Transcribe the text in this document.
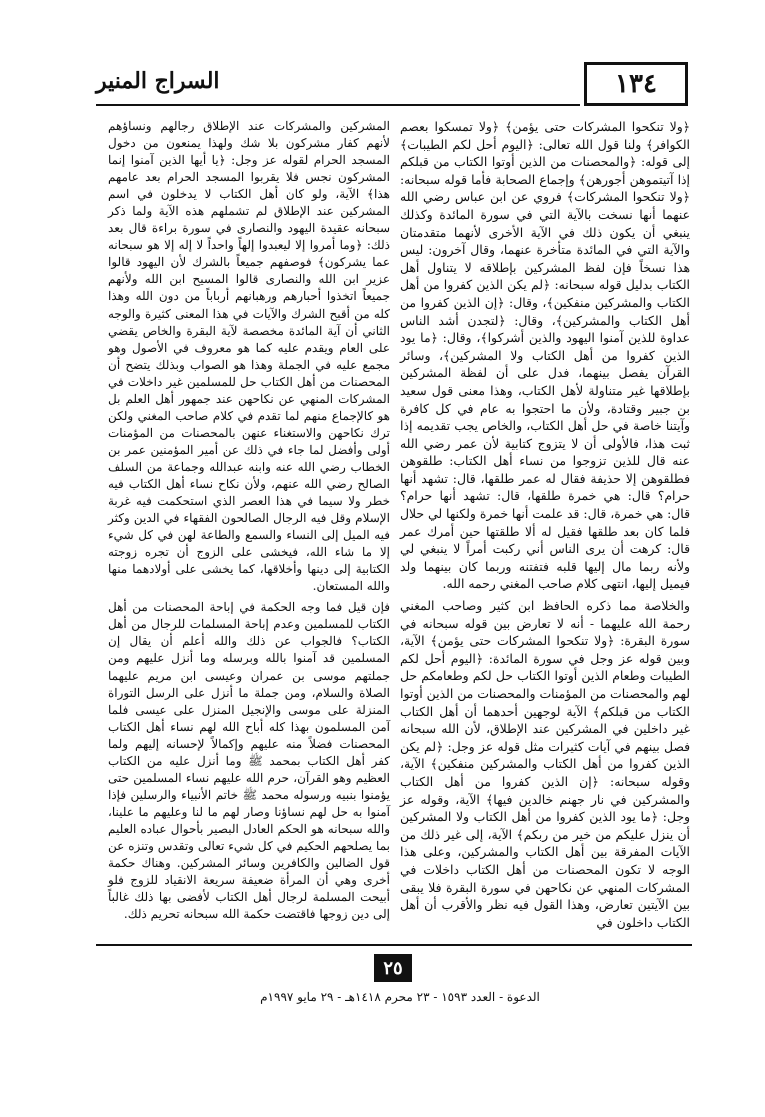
١٣٤
السراج المنير

﴿ولا تنكحوا المشركات حتى يؤمن﴾ ﴿ولا تمسكوا بعصم الكوافر﴾ ولنا قول الله تعالى: ﴿اليوم أحل لكم الطيبات﴾ إلى قوله: ﴿والمحصنات من الذين أوتوا الكتاب من قبلكم إذا آتيتموهن أجورهن﴾ وإجماع الصحابة فأما قوله سبحانه: ﴿ولا تنكحوا المشركات﴾ فروي عن ابن عباس رضي الله عنهما أنها نسخت بالآية التي في سورة المائدة وكذلك ينبغي أن يكون ذلك في الآية الأخرى لأنهما متقدمتان والآية التي في المائدة متأخرة عنهما، وقال آخرون: ليس هذا نسخاً فإن لفظ المشركين بإطلاقه لا يتناول أهل الكتاب بدليل قوله سبحانه: ﴿لم يكن الذين كفروا من أهل الكتاب والمشركين منفكين﴾، وقال: ﴿إن الذين كفروا من أهل الكتاب والمشركين﴾، وقال: ﴿لتجدن أشد الناس عداوة للذين آمنوا اليهود والذين أشركوا﴾، وقال: ﴿ما يود الذين كفروا من أهل الكتاب ولا المشركين﴾، وسائر القرآن يفصل بينهما، فدل على أن لفظة المشركين بإطلاقها غير متناولة لأهل الكتاب، وهذا معنى قول سعيد بن جبير وقتادة، ولأن ما احتجوا به عام في كل كافرة وآيتنا خاصة في حل أهل الكتاب، والخاص يجب تقديمه إذا ثبت هذا، فالأولى أن لا يتزوج كتابية لأن عمر رضي الله عنه قال للذين تزوجوا من نساء أهل الكتاب: طلقوهن فطلقوهن إلا حذيفة فقال له عمر طلقها، قال: تشهد أنها حرام؟ قال: هي خمرة طلقها، قال: تشهد أنها حرام؟ قال: هي خمرة، قال: قد علمت أنها خمرة ولكنها لي حلال فلما كان بعد طلقها فقيل له ألا طلقتها حين أمرك عمر قال: كرهت أن يرى الناس أني ركبت أمراً لا ينبغي لي ولأنه ربما مال إليها قلبه فتفتنه وربما كان بينهما ولد فيميل إليها، انتهى كلام صاحب المغني رحمه الله.

والخلاصة مما ذكره الحافظ ابن كثير وصاحب المغني رحمة الله عليهما - أنه لا تعارض بين قوله سبحانه في سورة البقرة: ﴿ولا تنكحوا المشركات حتى يؤمن﴾ الآية، وبين قوله عز وجل في سورة المائدة: ﴿اليوم أحل لكم الطيبات وطعام الذين أوتوا الكتاب حل لكم وطعامكم حل لهم والمحصنات من المؤمنات والمحصنات من الذين أوتوا الكتاب من قبلكم﴾ الآية لوجهين أحدهما أن أهل الكتاب غير داخلين في المشركين عند الإطلاق، لأن الله سبحانه فصل بينهم في آيات كثيرات مثل قوله عز وجل: ﴿لم يكن الذين كفروا من أهل الكتاب والمشركين منفكين﴾ الآية، وقوله سبحانه: ﴿إن الذين كفروا من أهل الكتاب والمشركين في نار جهنم خالدين فيها﴾ الآية، وقوله عز وجل: ﴿ما يود الذين كفروا من أهل الكتاب ولا المشركين أن ينزل عليكم من خير من ربكم﴾ الآية، إلى غير ذلك من الآيات المفرقة بين أهل الكتاب والمشركين، وعلى هذا الوجه لا تكون المحصنات من أهل الكتاب داخلات في المشركات المنهي عن نكاحهن في سورة البقرة فلا يبقى بين الآيتين تعارض، وهذا القول فيه نظر والأقرب أن أهل الكتاب داخلون في

المشركين والمشركات عند الإطلاق رجالهم ونساؤهم لأنهم كفار مشركون بلا شك ولهذا يمنعون من دخول المسجد الحرام لقوله عز وجل: ﴿يا أيها الذين آمنوا إنما المشركون نجس فلا يقربوا المسجد الحرام بعد عامهم هذا﴾ الآية، ولو كان أهل الكتاب لا يدخلون في اسم المشركين عند الإطلاق لم تشملهم هذه الآية ولما ذكر سبحانه عقيدة اليهود والنصارى في سورة براءة قال بعد ذلك: ﴿وما أمروا إلا ليعبدوا إلهاً واحداً لا إله إلا هو سبحانه عما يشركون﴾ فوصفهم جميعاً بالشرك لأن اليهود قالوا عزير ابن الله والنصارى قالوا المسيح ابن الله ولأنهم جميعاً اتخذوا أحبارهم ورهبانهم أرباباً من دون الله وهذا كله من أقبح الشرك والآيات في هذا المعنى كثيرة والوجه الثاني أن آية المائدة مخصصة لآية البقرة والخاص يقضي على العام ويقدم عليه كما هو معروف في الأصول وهو مجمع عليه في الجملة وهذا هو الصواب وبذلك يتضح أن المحصنات من أهل الكتاب حل للمسلمين غير داخلات في المشركات المنهي عن نكاحهن عند جمهور أهل العلم بل هو كالإجماع منهم لما تقدم في كلام صاحب المغني ولكن ترك نكاحهن والاستغناء عنهن بالمحصنات من المؤمنات أولى وأفضل لما جاء في ذلك عن أمير المؤمنين عمر بن الخطاب رضي الله عنه وابنه عبدالله وجماعة من السلف الصالح رضي الله عنهم، ولأن نكاح نساء أهل الكتاب فيه خطر ولا سيما في هذا العصر الذي استحكمت فيه غربة الإسلام وقل فيه الرجال الصالحون الفقهاء في الدين وكثر فيه الميل إلى النساء والسمع والطاعة لهن في كل شيء إلا ما شاء الله، فيخشى على الزوج أن تجره زوجته الكتابية إلى دينها وأخلاقها، كما يخشى على أولادهما منها والله المستعان.

فإن قيل فما وجه الحكمة في إباحة المحصنات من أهل الكتاب للمسلمين وعدم إباحة المسلمات للرجال من أهل الكتاب؟ فالجواب عن ذلك والله أعلم أن يقال إن المسلمين قد آمنوا بالله وبرسله وما أنزل عليهم ومن جملتهم موسى بن عمران وعيسى ابن مريم عليهما الصلاة والسلام، ومن جملة ما أنزل على الرسل التوراة المنزلة على موسى والإنجيل المنزل على عيسى فلما آمن المسلمون بهذا كله أباح الله لهم نساء أهل الكتاب المحصنات فضلاً منه عليهم وإكمالاً لإحسانه إليهم ولما كفر أهل الكتاب بمحمد ﷺ وما أنزل عليه من الكتاب العظيم وهو القرآن، حرم الله عليهم نساء المسلمين حتى يؤمنوا بنبيه ورسوله محمد ﷺ خاتم الأنبياء والرسلين فإذا آمنوا به حل لهم نساؤنا وصار لهم ما لنا وعليهم ما علينا، والله سبحانه هو الحكم العادل البصير بأحوال عباده العليم بما يصلحهم الحكيم في كل شيء تعالى وتقدس وتنزه عن قول الضالين والكافرين وسائر المشركين. وهناك حكمة أخرى وهي أن المرأة ضعيفة سريعة الانقياد للزوج فلو أبيحت المسلمة لرجال أهل الكتاب لأفضى بها ذلك غالباً إلى دين زوجها فاقتضت حكمة الله سبحانه تحريم ذلك.

٢٥
الدعوة - العدد ١٥٩٣ - ٢٣ محرم ١٤١٨هـ - ٢٩ مايو ١٩٩٧م
